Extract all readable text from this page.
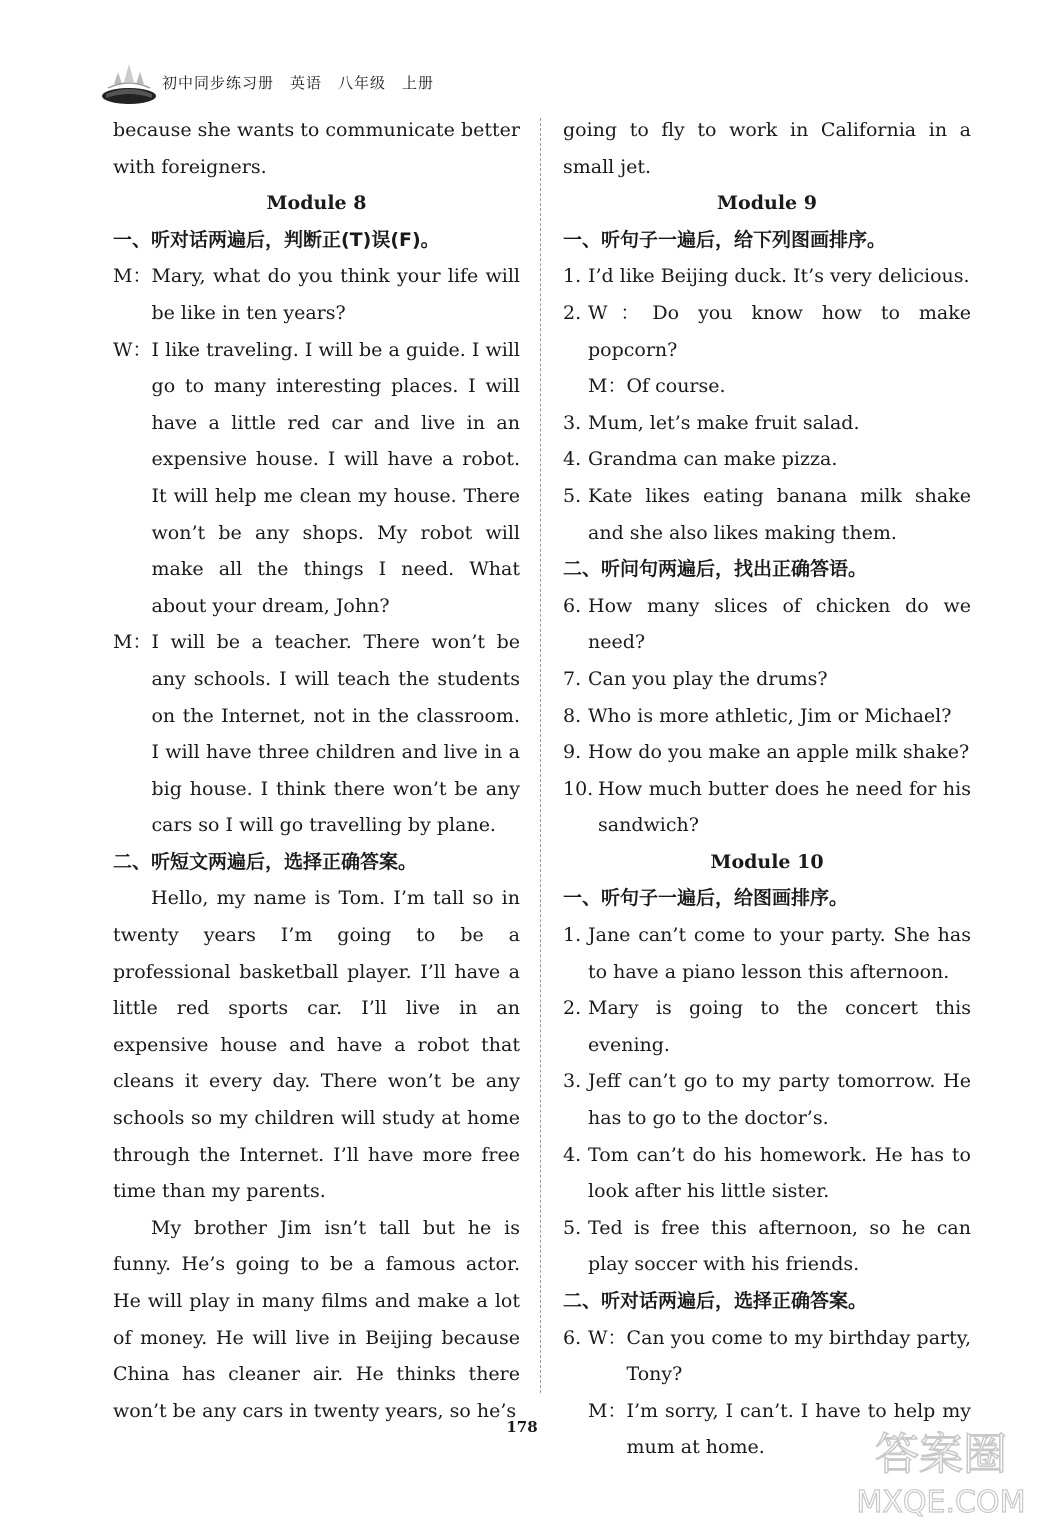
初中同步练习册　英语　八年级　上册
because she wants to communicate better with foreigners.
Module 8
一、听对话两遍后，判断正(T)误(F)。
M： Mary, what do you think your life will be like in ten years?
W： I like traveling. I will be a guide. I will go to many interesting places. I will have a little red car and live in an expensive house. I will have a robot. It will help me clean my house. There won’t be any shops. My robot will make all the things I need. What about your dream, John?
M： I will be a teacher. There won’t be any schools. I will teach the students on the Internet, not in the classroom. I will have three children and live in a big house. I think there won’t be any cars so I will go travelling by plane.
二、听短文两遍后，选择正确答案。
Hello, my name is Tom. I’m tall so in twenty years I’m going to be a professional basketball player. I’ll have a little red sports car. I’ll live in an expensive house and have a robot that cleans it every day. There won’t be any schools so my children will study at home through the Internet. I’ll have more free time than my parents.
My brother Jim isn’t tall but he is funny. He’s going to be a famous actor. He will play in many films and make a lot of money. He will live in Beijing because China has cleaner air. He thinks there won’t be any cars in twenty years, so he’s
going to fly to work in California in a small jet.
Module 9
一、听句子一遍后，给下列图画排序。
1. I’d like Beijing duck. It’s very delicious.
2. W：Do you know how to make popcorn?
M：Of course.
3. Mum, let’s make fruit salad.
4. Grandma can make pizza.
5. Kate likes eating banana milk shake and she also likes making them.
二、听问句两遍后，找出正确答语。
6. How many slices of chicken do we need?
7. Can you play the drums?
8. Who is more athletic, Jim or Michael?
9. How do you make an apple milk shake?
10. How much butter does he need for his sandwich?
Module 10
一、听句子一遍后，给图画排序。
1. Jane can’t come to your party. She has to have a piano lesson this afternoon.
2. Mary is going to the concert this evening.
3. Jeff can’t go to my party tomorrow. He has to go to the doctor’s.
4. Tom can’t do his homework. He has to look after his little sister.
5. Ted is free this afternoon, so he can play soccer with his friends.
二、听对话两遍后，选择正确答案。
6. W： Can you come to my birthday party, Tony?
M： I’m sorry, I can’t. I have to help my mum at home.
178
答案圈
MXQE.COM
